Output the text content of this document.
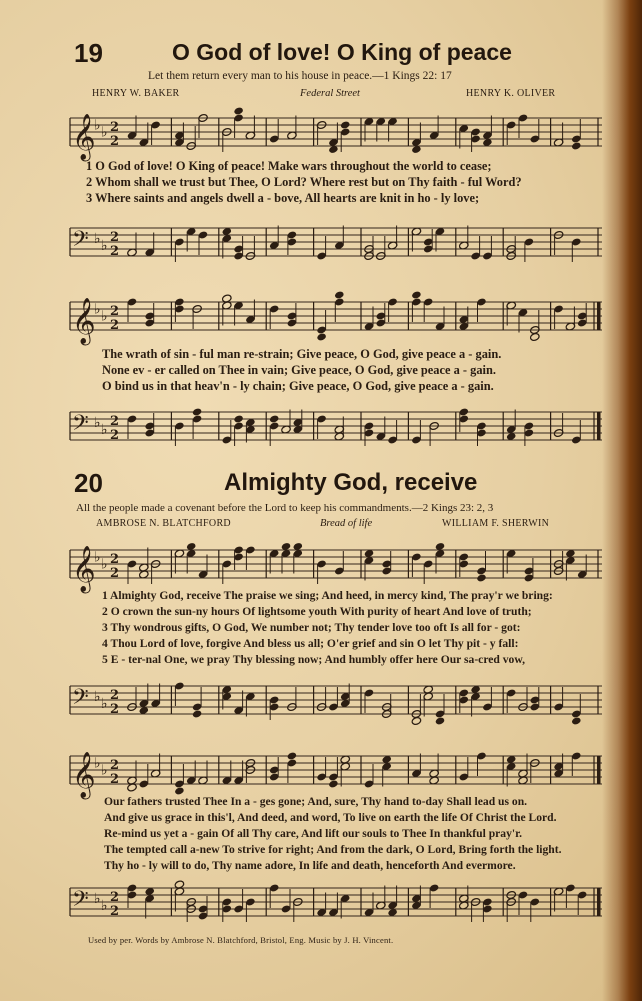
19	O God of love! O King of peace
Let them return every man to his house in peace.—1 Kings 22: 17
HENRY W. BAKER	Federal Street	HENRY K. OLIVER
𝄞
♭ ♭ 2
2
1 O God of love! O King of peace! Make wars throughout the world to cease;
2 Whom shall we trust but Thee, O Lord? Where rest but on Thy faith - ful Word?
3 Where saints and angels dwell a - bove, All hearts are knit in ho - ly love;
𝄢 ♭ ♭
2
2
𝄞
♭ ♭ 2
2
The wrath of sin - ful man re-strain; Give peace, O God, give peace a - gain.
None ev - er called on Thee in vain; Give peace, O God, give peace a - gain.
O bind us in that heav'n - ly chain; Give peace, O God, give peace a - gain.
𝄢 ♭ ♭
2
2
20	Almighty God, receive
All the people made a covenant before the Lord to keep his commandments.—2 Kings 23: 2, 3
AMBROSE N. BLATCHFORD	Bread of life	WILLIAM F. SHERWIN
𝄞
♭ ♭ 2
2
1 Almighty God, receive The praise we sing; And heed, in mercy kind, The pray'r we bring:
2 O crown the sun-ny hours Of lightsome youth With purity of heart And love of truth;
3 Thy wondrous gifts, O God, We number not; Thy tender love too oft Is all for - got:
4 Thou Lord of love, forgive And bless us all; O'er grief and sin O let Thy pit - y fall:
5 E - ter-nal One, we pray Thy blessing now; And humbly offer here Our sa-cred vow,
𝄢 ♭ ♭
2
2
𝄞
♭ ♭ 2
2
Our fathers trusted Thee In a - ges gone; And, sure, Thy hand to-day Shall lead us on.
And give us grace in this'l, And deed, and word, To live on earth the life Of Christ the Lord.
Re-mind us yet a - gain Of all Thy care, And lift our souls to Thee In thankful pray'r.
The tempted call a-new To strive for right; And from the dark, O Lord, Bring forth the light.
Thy ho - ly will to do, Thy name adore, In life and death, henceforth And evermore.
𝄢 ♭ ♭
2
2
Used by per. Words by Ambrose N. Blatchford, Bristol, Eng. Music by J. H. Vincent.
